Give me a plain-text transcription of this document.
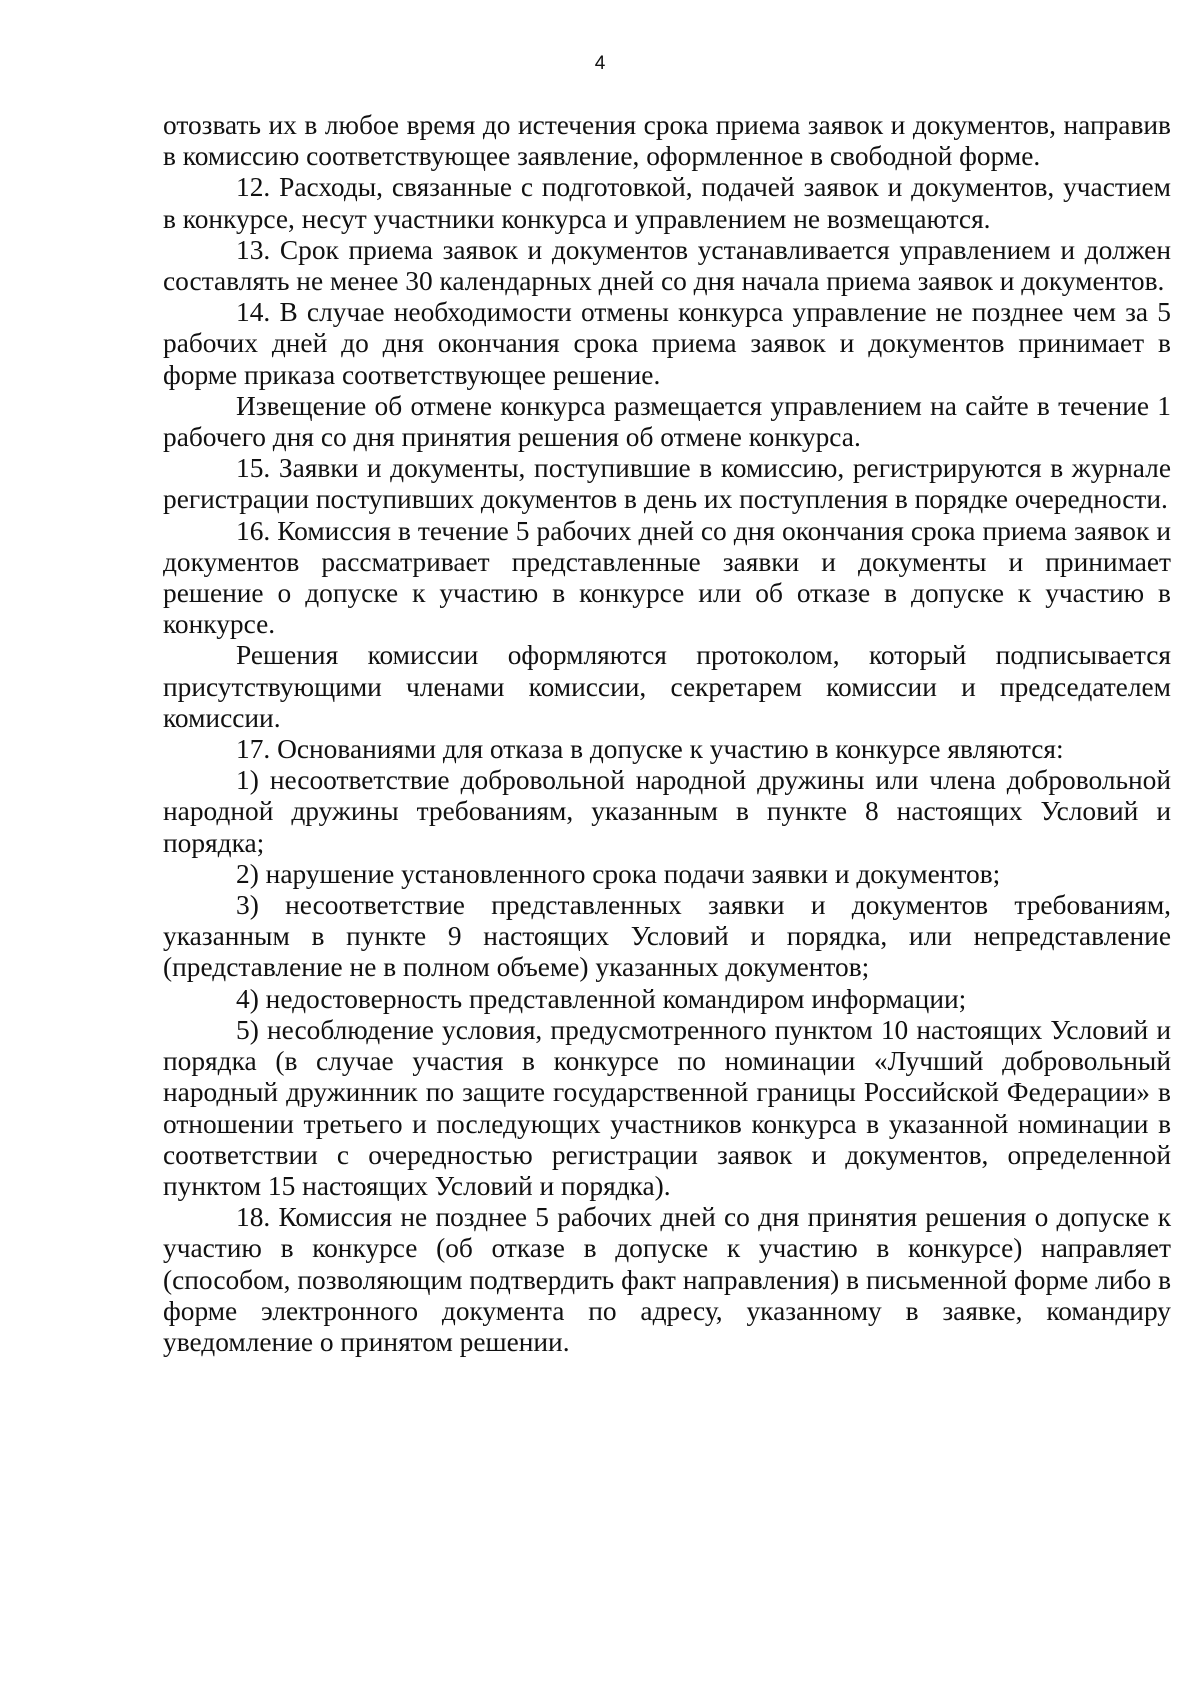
4

отозвать их в любое время до истечения срока приема заявок и документов, направив в комиссию соответствующее заявление, оформленное в свободной форме.

12. Расходы, связанные с подготовкой, подачей заявок и документов, участием в конкурсе, несут участники конкурса и управлением не возмещаются.

13. Срок приема заявок и документов устанавливается управлением и должен составлять не менее 30 календарных дней со дня начала приема заявок и документов.

14. В случае необходимости отмены конкурса управление не позднее чем за 5 рабочих дней до дня окончания срока приема заявок и документов принимает в форме приказа соответствующее решение.

Извещение об отмене конкурса размещается управлением на сайте в течение 1 рабочего дня со дня принятия решения об отмене конкурса.

15. Заявки и документы, поступившие в комиссию, регистрируются в журнале регистрации поступивших документов в день их поступления в порядке очередности.

16. Комиссия в течение 5 рабочих дней со дня окончания срока приема заявок и документов рассматривает представленные заявки и документы и принимает решение о допуске к участию в конкурсе или об отказе в допуске к участию в конкурсе.

Решения комиссии оформляются протоколом, который подписывается присутствующими членами комиссии, секретарем комиссии и председателем комиссии.

17. Основаниями для отказа в допуске к участию в конкурсе являются:

1) несоответствие добровольной народной дружины или члена добровольной народной дружины требованиям, указанным в пункте 8 настоящих Условий и порядка;

2) нарушение установленного срока подачи заявки и документов;

3) несоответствие представленных заявки и документов требованиям, указанным в пункте 9 настоящих Условий и порядка, или непредставление (представление не в полном объеме) указанных документов;

4) недостоверность представленной командиром информации;

5) несоблюдение условия, предусмотренного пунктом 10 настоящих Условий и порядка (в случае участия в конкурсе по номинации «Лучший добровольный народный дружинник по защите государственной границы Российской Федерации» в отношении третьего и последующих участников конкурса в указанной номинации в соответствии с очередностью регистрации заявок и документов, определенной пунктом 15 настоящих Условий и порядка).

18. Комиссия не позднее 5 рабочих дней со дня принятия решения о допуске к участию в конкурсе (об отказе в допуске к участию в конкурсе) направляет (способом, позволяющим подтвердить факт направления) в письменной форме либо в форме электронного документа по адресу, указанному в заявке, командиру уведомление о принятом решении.
